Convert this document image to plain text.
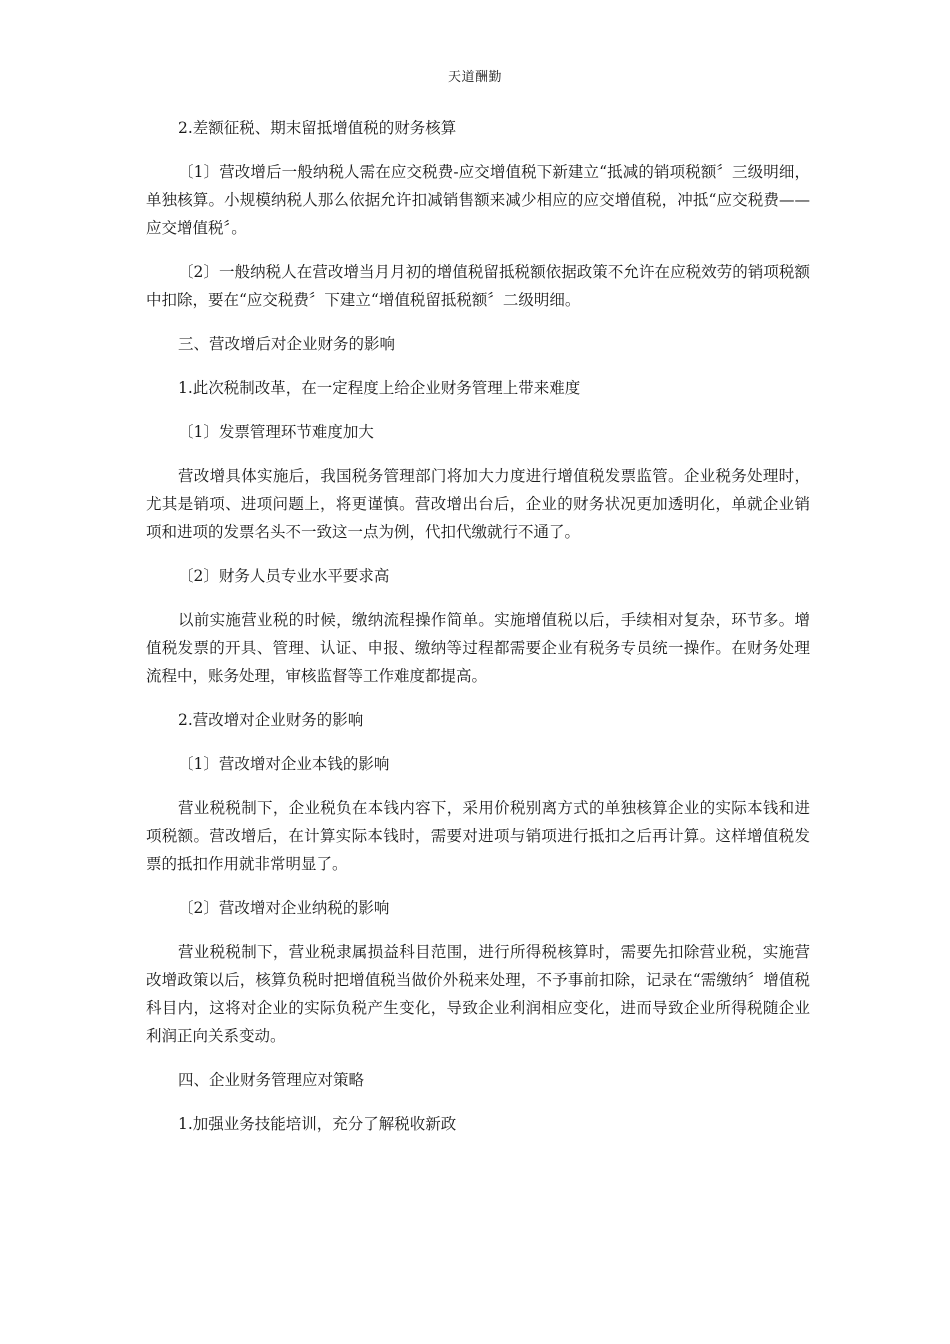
天道酬勤

2.差额征税、期末留抵增值税的财务核算

〔1〕营改增后一般纳税人需在应交税费-应交增值税下新建立“抵减的销项税额〞三级明细，单独核算。小规模纳税人那么依据允许扣减销售额来减少相应的应交增值税，冲抵“应交税费——应交增值税〞。

〔2〕一般纳税人在营改增当月月初的增值税留抵税额依据政策不允许在应税效劳的销项税额中扣除，要在“应交税费〞下建立“增值税留抵税额〞二级明细。

三、营改增后对企业财务的影响

1.此次税制改革，在一定程度上给企业财务管理上带来难度

〔1〕发票管理环节难度加大

营改增具体实施后，我国税务管理部门将加大力度进行增值税发票监管。企业税务处理时，尤其是销项、进项问题上，将更谨慎。营改增出台后，企业的财务状况更加透明化，单就企业销项和进项的发票名头不一致这一点为例，代扣代缴就行不通了。

〔2〕财务人员专业水平要求高

以前实施营业税的时候，缴纳流程操作简单。实施增值税以后，手续相对复杂，环节多。增值税发票的开具、管理、认证、申报、缴纳等过程都需要企业有税务专员统一操作。在财务处理流程中，账务处理，审核监督等工作难度都提高。

2.营改增对企业财务的影响

〔1〕营改增对企业本钱的影响

营业税税制下，企业税负在本钱内容下，采用价税别离方式的单独核算企业的实际本钱和进项税额。营改增后，在计算实际本钱时，需要对进项与销项进行抵扣之后再计算。这样增值税发票的抵扣作用就非常明显了。

〔2〕营改增对企业纳税的影响

营业税税制下，营业税隶属损益科目范围，进行所得税核算时，需要先扣除营业税，实施营改增政策以后，核算负税时把增值税当做价外税来处理，不予事前扣除，记录在“需缴纳〞增值税科目内，这将对企业的实际负税产生变化，导致企业利润相应变化，进而导致企业所得税随企业利润正向关系变动。

四、企业财务管理应对策略

1.加强业务技能培训，充分了解税收新政
